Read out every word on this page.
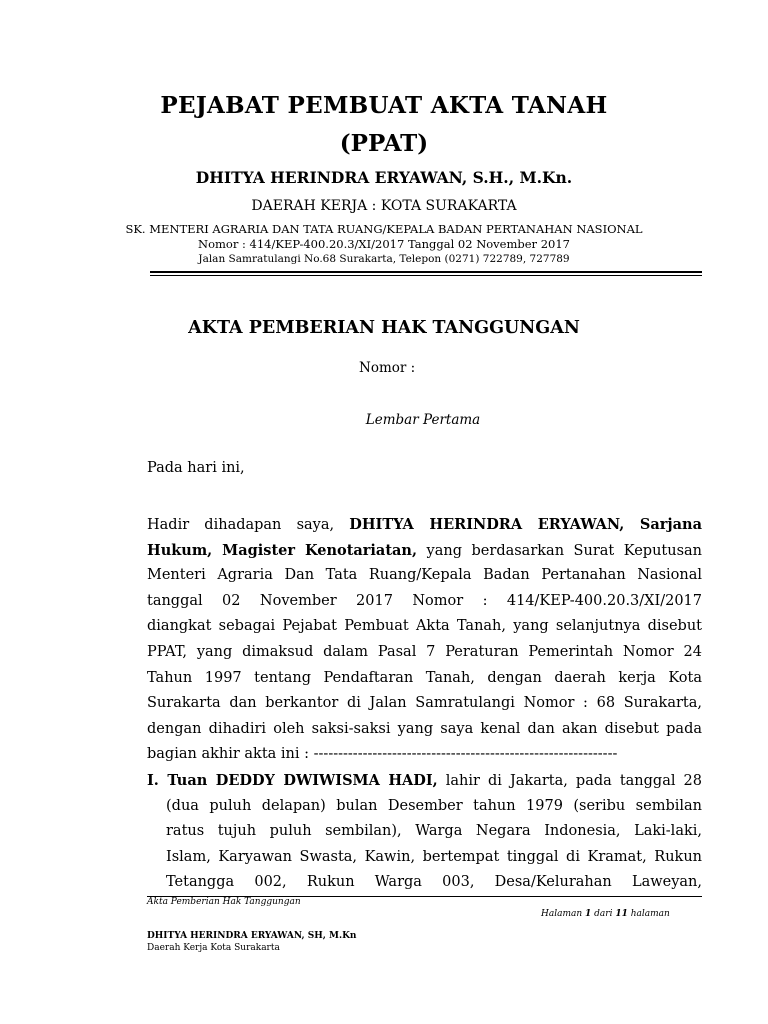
PEJABAT PEMBUAT AKTA TANAH
(PPAT)
DHITYA HERINDRA ERYAWAN, S.H., M.Kn.
DAERAH KERJA : KOTA SURAKARTA
SK. MENTERI AGRARIA DAN TATA RUANG/KEPALA BADAN PERTANAHAN NASIONAL
Nomor : 414/KEP-400.20.3/XI/2017 Tanggal 02 November 2017
Jalan Samratulangi No.68 Surakarta, Telepon (0271) 722789, 727789
AKTA PEMBERIAN HAK TANGGUNGAN
Nomor :
Lembar Pertama
Pada hari ini,
Hadir dihadapan saya, DHITYA HERINDRA ERYAWAN, Sarjana
Hukum, Magister Kenotariatan, yang berdasarkan Surat Keputusan
Menteri Agraria Dan Tata Ruang/Kepala Badan Pertanahan Nasional
tanggal 02 November 2017 Nomor : 414/KEP-400.20.3/XI/2017
diangkat sebagai Pejabat Pembuat Akta Tanah, yang selanjutnya disebut
PPAT, yang dimaksud dalam Pasal 7 Peraturan Pemerintah Nomor 24
Tahun 1997 tentang Pendaftaran Tanah, dengan daerah kerja Kota
Surakarta dan berkantor di Jalan Samratulangi Nomor : 68 Surakarta,
dengan dihadiri oleh saksi-saksi yang saya kenal dan akan disebut pada
bagian akhir akta ini : --------------------------------------------------------------
I. Tuan DEDDY DWIWISMA HADI, lahir di Jakarta, pada tanggal 28
(dua puluh delapan) bulan Desember tahun 1979 (seribu sembilan
ratus tujuh puluh sembilan), Warga Negara Indonesia, Laki-laki,
Islam, Karyawan Swasta, Kawin, bertempat tinggal di Kramat, Rukun
Tetangga 002, Rukun Warga 003, Desa/Kelurahan Laweyan,
Akta Pemberian Hak Tanggungan
Halaman 1 dari 11 halaman
DHITYA HERINDRA ERYAWAN, SH, M.Kn
Daerah Kerja Kota Surakarta
